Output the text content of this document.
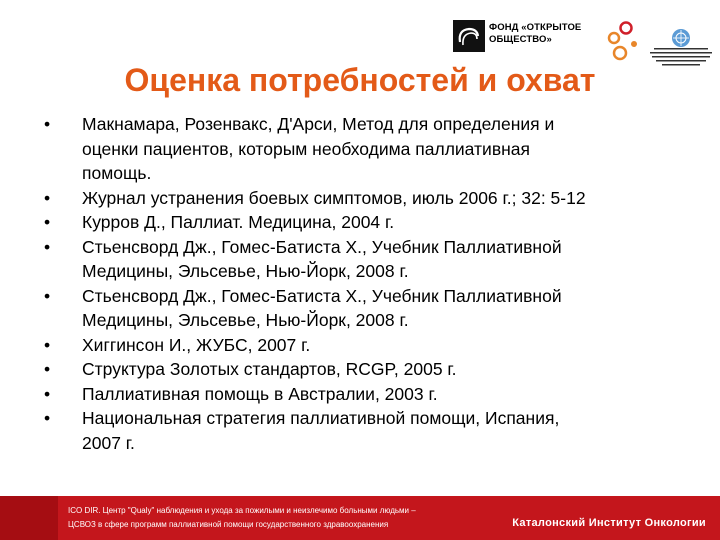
ФОНД «ОТКРЫТОЕ
ОБЩЕСТВО»
Оценка потребностей и охват
•	Макнамара, Розенвакс, Д'Арси, Метод для определения и
оценки пациентов, которым необходима паллиативная
помощь.
•	Журнал устранения боевых симптомов, июль 2006 г.; 32: 5-12
•	Курров Д., Паллиат. Медицина, 2004 г.
•	Стьенсворд Дж., Гомес-Батиста Х., Учебник Паллиативной
Медицины, Эльсевье, Нью-Йорк, 2008 г.
•	Стьенсворд Дж., Гомес-Батиста Х., Учебник Паллиативной
Медицины, Эльсевье, Нью-Йорк, 2008 г.
•	Хиггинсон И., ЖУБС, 2007 г.
•	Структура Золотых стандартов, RCGP, 2005 г.
•	Паллиативная помощь в Австралии, 2003 г.
•	Национальная стратегия паллиативной помощи, Испания,
2007 г.
ICO DIR. Центр "Qualy" наблюдения и ухода за пожилыми и неизлечимо больными людьми –
ЦСВОЗ в сфере программ паллиативной помощи государственного здравоохранения	Каталонский Институт Онкологии
